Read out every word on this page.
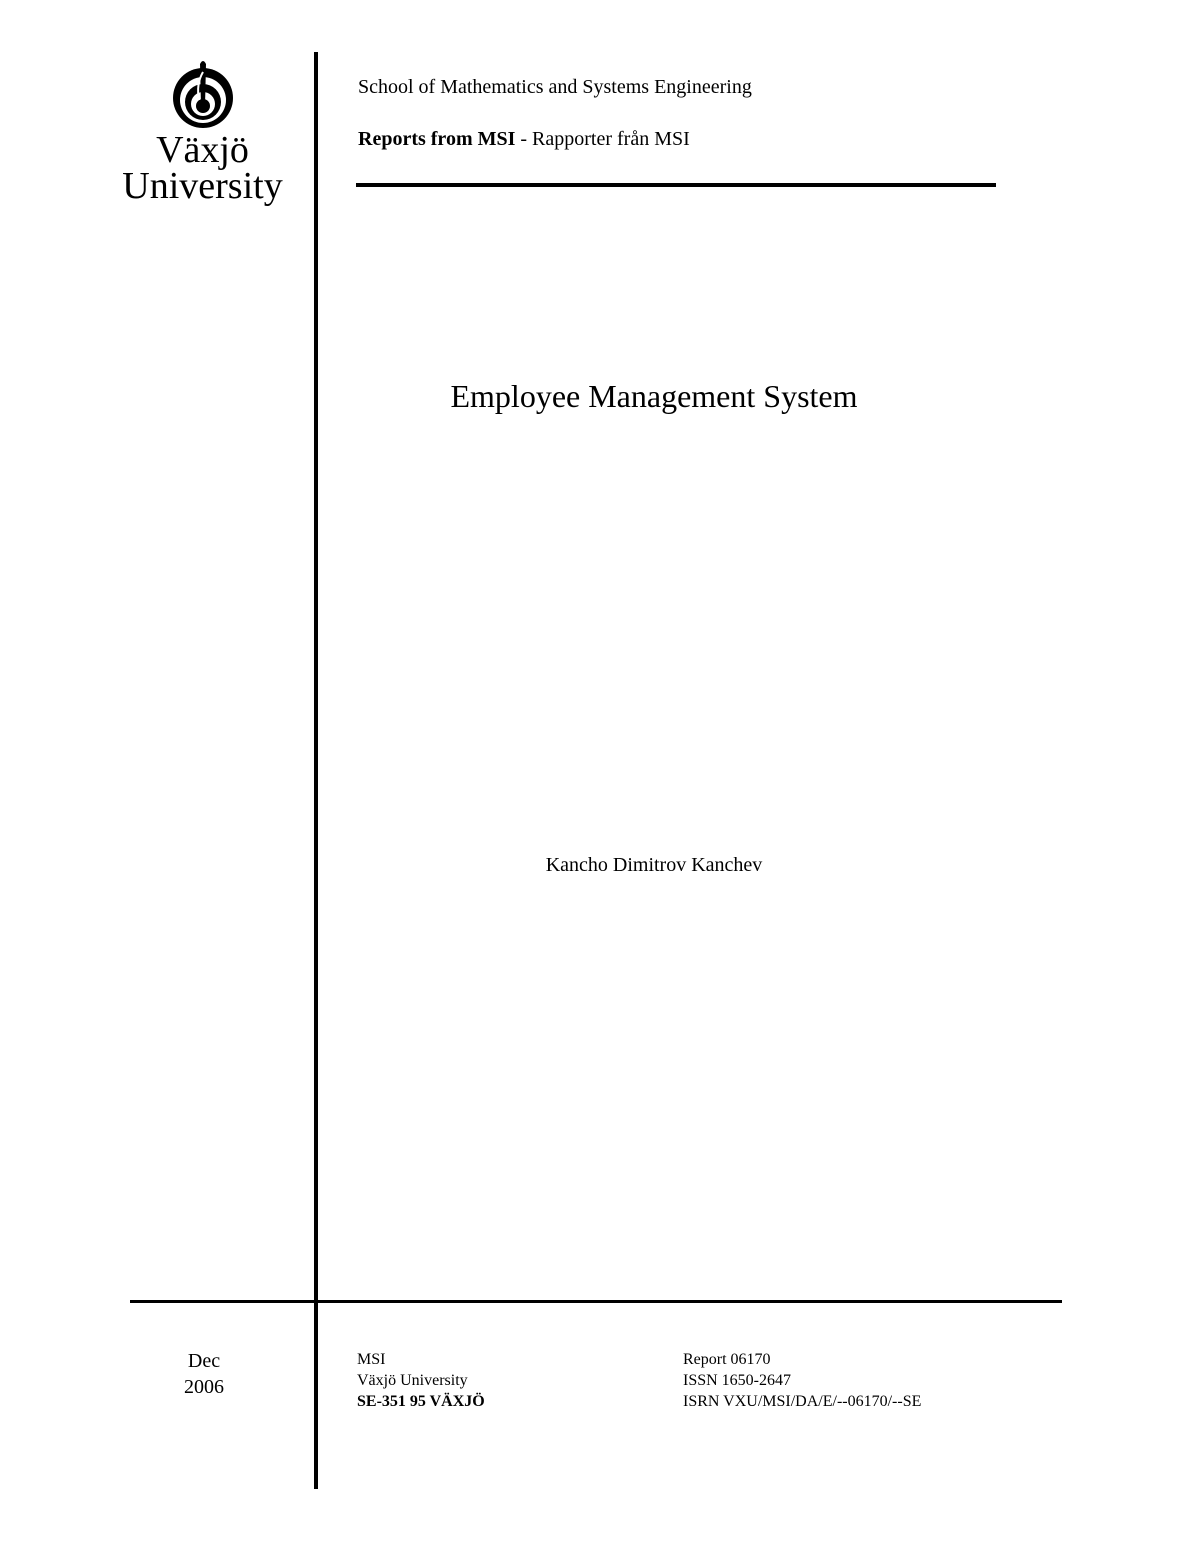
Växjö
University
School of Mathematics and Systems Engineering
Reports from MSI - Rapporter från MSI
Employee Management System
Kancho Dimitrov Kanchev
Dec
2006
MSI
Växjö University
SE-351 95 VÄXJÖ
Report 06170
ISSN 1650-2647
ISRN VXU/MSI/DA/E/--06170/--SE
